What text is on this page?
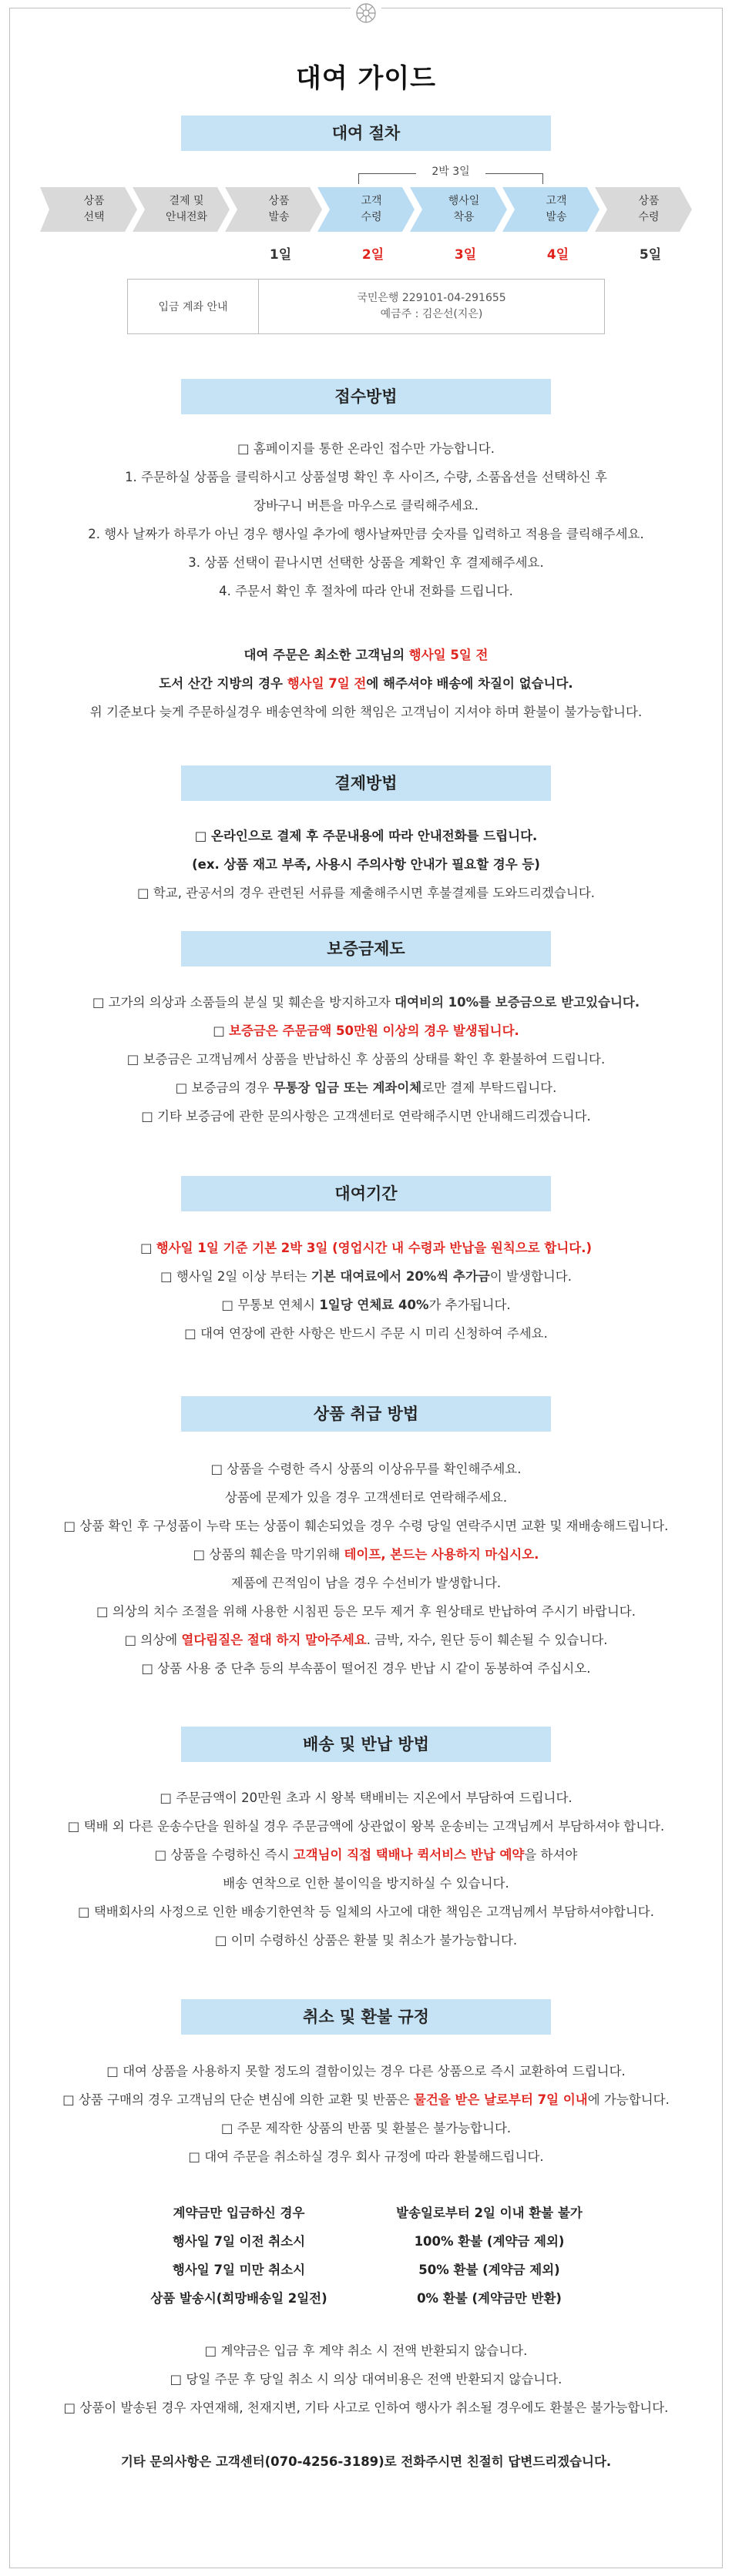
대여 가이드
대여 절차
2박 3일
상품
선택
결제 및
안내전화
상품
발송
고객
수령
행사일
착용
고객
발송
상품
수령
1일	2일	3일	4일	5일
입금 계좌 안내
국민은행 229101-04-291655
예금주 : 김은선(지은)
접수방법
□ 홈페이지를 통한 온라인 접수만 가능합니다.
1. 주문하실 상품을 클릭하시고 상품설명 확인 후 사이즈, 수량, 소품옵션을 선택하신 후
장바구니 버튼을 마우스로 클릭해주세요.
2. 행사 날짜가 하루가 아닌 경우 행사일 추가에 행사날짜만큼 숫자를 입력하고 적용을 클릭해주세요.
3. 상품 선택이 끝나시면 선택한 상품을 계확인 후 결제해주세요.
4. 주문서 확인 후 절차에 따라 안내 전화를 드립니다.
대여 주문은 최소한 고객님의 행사일 5일 전
도서 산간 지방의 경우 행사일 7일 전에 해주셔야 배송에 차질이 없습니다.
위 기준보다 늦게 주문하실경우 배송연착에 의한 책임은 고객님이 지셔야 하며 환불이 불가능합니다.
결제방법
□ 온라인으로 결제 후 주문내용에 따라 안내전화를 드립니다.
(ex. 상품 재고 부족, 사용시 주의사항 안내가 필요할 경우 등)
□ 학교, 관공서의 경우 관련된 서류를 제출해주시면 후불결제를 도와드리겠습니다.
보증금제도
□ 고가의 의상과 소품들의 분실 및 훼손을 방지하고자 대여비의 10%를 보증금으로 받고있습니다.
□ 보증금은 주문금액 50만원 이상의 경우 발생됩니다.
□ 보증금은 고객님께서 상품을 반납하신 후 상품의 상태를 확인 후 환불하여 드립니다.
□ 보증금의 경우 무통장 입금 또는 계좌이체로만 결제 부탁드립니다.
□ 기타 보증금에 관한 문의사항은 고객센터로 연락해주시면 안내해드리겠습니다.
대여기간
□ 행사일 1일 기준 기본 2박 3일 (영업시간 내 수령과 반납을 원칙으로 합니다.)
□ 행사일 2일 이상 부터는 기본 대여료에서 20%씩 추가금이 발생합니다.
□ 무통보 연체시 1일당 연체료 40%가 추가됩니다.
□ 대여 연장에 관한 사항은 반드시 주문 시 미리 신청하여 주세요.
상품 취급 방법
□ 상품을 수령한 즉시 상품의 이상유무를 확인해주세요.
상품에 문제가 있을 경우 고객센터로 연락해주세요.
□ 상품 확인 후 구성품이 누락 또는 상품이 훼손되었을 경우 수령 당일 연락주시면 교환 및 재배송해드립니다.
□ 상품의 훼손을 막기위해 테이프, 본드는 사용하지 마십시오.
제품에 끈적임이 남을 경우 수선비가 발생합니다.
□ 의상의 치수 조절을 위해 사용한 시침핀 등은 모두 제거 후 원상태로 반납하여 주시기 바랍니다.
□ 의상에 열다림질은 절대 하지 말아주세요. 금박, 자수, 원단 등이 훼손될 수 있습니다.
□ 상품 사용 중 단추 등의 부속품이 떨어진 경우 반납 시 같이 동봉하여 주십시오.
배송 및 반납 방법
□ 주문금액이 20만원 초과 시 왕복 택배비는 지온에서 부담하여 드립니다.
□ 택배 외 다른 운송수단을 원하실 경우 주문금액에 상관없이 왕복 운송비는 고객님께서 부담하셔야 합니다.
□ 상품을 수령하신 즉시 고객님이 직접 택배나 퀵서비스 반납 예약을 하셔야
배송 연착으로 인한 불이익을 방지하실 수 있습니다.
□ 택배회사의 사정으로 인한 배송기한연착 등 일체의 사고에 대한 책임은 고객님께서 부담하셔야합니다.
□ 이미 수령하신 상품은 환불 및 취소가 불가능합니다.
취소 및 환불 규정
□ 대여 상품을 사용하지 못할 정도의 결함이있는 경우 다른 상품으로 즉시 교환하여 드립니다.
□ 상품 구매의 경우 고객님의 단순 변심에 의한 교환 및 반품은 물건을 받은 날로부터 7일 이내에 가능합니다.
□ 주문 제작한 상품의 반품 및 환불은 불가능합니다.
□ 대여 주문을 취소하실 경우 회사 규정에 따라 환불해드립니다.
계약금만 입금하신 경우	발송일로부터 2일 이내 환불 불가
행사일 7일 이전 취소시	100% 환불 (계약금 제외)
행사일 7일 미만 취소시	50% 환불 (계약금 제외)
상품 발송시(희망배송일 2일전)	0% 환불 (계약금만 반환)
□ 계약금은 입금 후 계약 취소 시 전액 반환되지 않습니다.
□ 당일 주문 후 당일 취소 시 의상 대여비용은 전액 반환되지 않습니다.
□ 상품이 발송된 경우 자연재해, 천재지변, 기타 사고로 인하여 행사가 취소될 경우에도 환불은 불가능합니다.
기타 문의사항은 고객센터(070-4256-3189)로 전화주시면 친절히 답변드리겠습니다.
